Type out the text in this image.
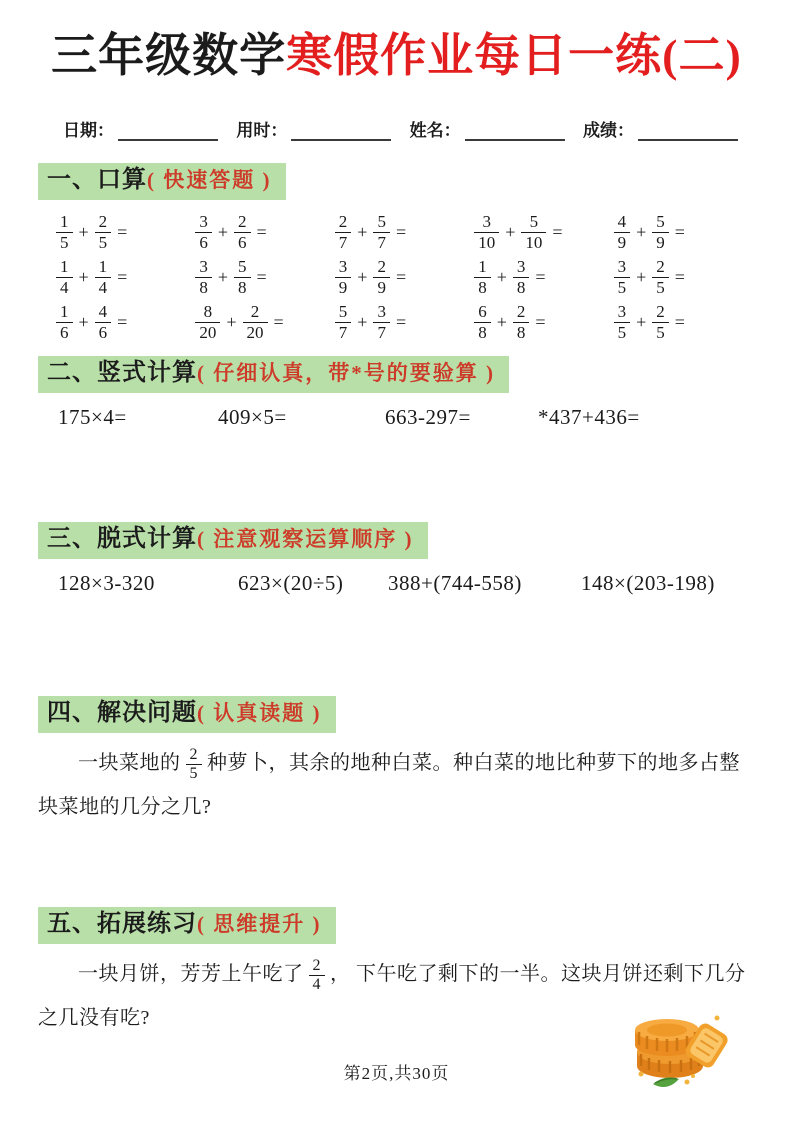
三年级数学寒假作业每日一练(二)
日期：	用时：	姓名：	成绩：
一、口算( 快速答题 )
$\frac{1}{5} + \frac{2}{5}$ =	$\frac{3}{6} + \frac{2}{6}$ =	$\frac{2}{7} + \frac{5}{7}$ =	$\frac{3}{10} + \frac{5}{10}$ =	$\frac{4}{9} + \frac{5}{9}$ =
$\frac{1}{4} + \frac{1}{4}$ =	$\frac{3}{8} + \frac{5}{8}$ =	$\frac{3}{9} + \frac{2}{9}$ =	$\frac{1}{8} + \frac{3}{8}$ =	$\frac{3}{5} + \frac{2}{5}$ =
$\frac{1}{6} + \frac{4}{6}$ =	$\frac{8}{20} + \frac{2}{20}$ =	$\frac{5}{7} + \frac{3}{7}$ =	$\frac{6}{8} + \frac{2}{8}$ =	$\frac{3}{5} + \frac{2}{5}$ =
二、竖式计算( 仔细认真，带*号的要验算 )
175×4=	409×5=	663-297=	*437+436=
三、脱式计算( 注意观察运算顺序 )
128×3-320	623×(20÷5)	388+(744-558)	148×(203-198)
四、解决问题( 认真读题 )

一块菜地的 $\frac{2}{5}$ 种萝卜，其余的地种白菜。种白菜的地比种萝下的地多占整块菜地的几分之几?

五、拓展练习( 思维提升 )

一块月饼，芳芳上午吃了 $\frac{2}{4}$ ， 下午吃了剩下的一半。这块月饼还剩下几分之几没有吃?

第2页,共30页
